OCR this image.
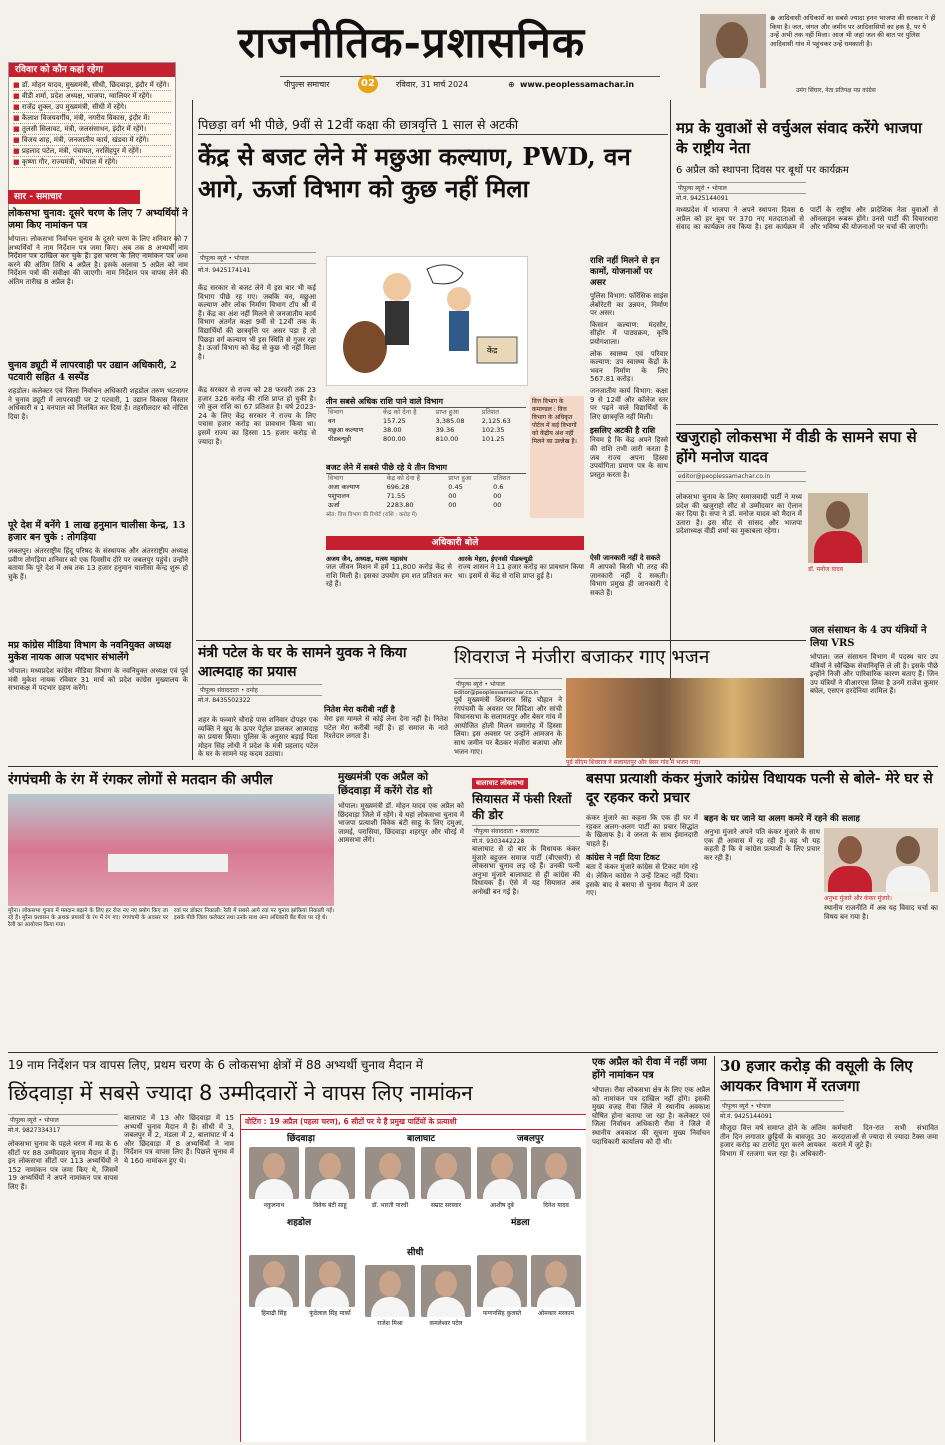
राजनीतिक-प्रशासनिक
पीपुल्स समाचार	02	रविवार, 31 मार्च 2024	⊕ www.peoplessamachar.in
⊗ आदिवासी अधिकारों का सबसे ज्यादा हनन भाजपा की सरकार ने ही किया है। जल, जंगल और जमीन पर आदिवासियों का हक है, पर ये उन्हें अभी तक नहीं मिला। आज भी जहां जल की बात पर पुलिस आदिवासी गांव में पहुंचकर उन्हें धमकाती है।
उमंग सिंघार, नेता प्रतिपक्ष मप्र कांग्रेस
रविवार को कौन कहां रहेगा
■ डॉ. मोहन यादव, मुख्यमंत्री, सीधी, छिंदवाड़ा, इंदौर में रहेंगे।
■ वीडी शर्मा, प्रदेश अध्यक्ष, भाजपा, ग्वालियर में रहेंगे।
■ राजेंद्र शुक्ल, उप मुख्यमंत्री, सीधी में रहेंगे।
■ कैलाश विजयवर्गीय, मंत्री, नगरीय विकास, इंदौर में।
■ तुलसी सिलावट, मंत्री, जलसंसाधन, इंदौर में रहेंगे।
■ विजय शाह, मंत्री, जनजातीय कार्य, खंडवा में रहेंगे।
■ प्रहलाद पटेल, मंत्री, पंचायत, नरसिंहपुर में रहेंगे।
■ कृष्णा गौर, राज्यमंत्री, भोपाल में रहेंगे।
सार - समाचार
लोकसभा चुनाव: दूसरे चरण के लिए 7 अभ्यर्थियों ने जमा किए नामांकन पत्र
भोपाल। लोकसभा निर्वाचन चुनाव के दूसरे चरण के लिए शनिवार को 7 अभ्यर्थियों ने नाम निर्देशन पत्र जमा किए। अब तक 8 अभ्यर्थी नाम निर्देशन पत्र दाखिल कर चुके हैं। इस चरण के लिए नामांकन पत्र जमा करने की अंतिम तिथि 4 अप्रैल है। इसके अलावा 5 अप्रैल को नाम निर्देशन पत्रों की संवीक्षा की जाएगी। नाम निर्देशन पत्र वापस लेने की अंतिम तारीख 8 अप्रैल है।
चुनाव ड्यूटी में लापरवाही पर उद्यान अधिकारी, 2 पटवारी सहित 4 सस्पेंड
शहडोल। कलेक्टर एवं जिला निर्वाचन अधिकारी शहडोल तरुण भटनागर ने चुनाव ड्यूटी में लापरवाही पर 2 पटवारी, 1 उद्यान विकास विस्तार अधिकारी व 1 वनपाल को निलंबित कर दिया है। तहसीलदार को नोटिस दिया है।
पूरे देश में बनेंगे 1 लाख हनुमान चालीसा केन्द्र, 13 हजार बन चुके : तोगड़िया
जबलपुर। अंतरराष्ट्रीय हिंदू परिषद के संस्थापक और अंतरराष्ट्रीय अध्यक्ष प्रवीण तोगड़िया शनिवार को एक दिवसीय दौरे पर जबलपुर पहुंचे। उन्होंने बताया कि पूरे देश में अब तक 13 हजार हनुमान चालीसा केन्द्र शुरू हो चुके हैं।
मप्र कांग्रेस मीडिया विभाग के नवनियुक्त अध्यक्ष मुकेश नायक आज पदभार संभालेंगे
भोपाल। मध्यप्रदेश कांग्रेस मीडिया विभाग के नवनियुक्त अध्यक्ष एवं पूर्व मंत्री मुकेश नायक रविवार 31 मार्च को प्रदेश कांग्रेस मुख्यालय के सभाकक्ष में पदभार ग्रहण करेंगे।
पिछड़ा वर्ग भी पीछे, 9वीं से 12वीं कक्षा की छात्रवृत्ति 1 साल से अटकी
केंद्र से बजट लेने में मछुआ कल्याण, PWD, वन आगे, ऊर्जा विभाग को कुछ नहीं मिला
पीपुल्स ब्यूरो • भोपाल
मो.नं. 9425174141
केंद्र सरकार से बजट लेने में इस बार भी कई विभाग पीछे रह गए। जबकि वन, मछुआ कल्याण और लोक निर्माण विभाग टॉप श्री में हैं। केंद्र का अंश नहीं मिलने से जनजातीय कार्य विभाग अंतर्गत कक्षा 9वीं से 12वीं तक के विद्यार्थियों की छात्रवृत्ति पर असर पड़ा है तो पिछड़ा वर्ग कल्याण भी इस स्थिति से गुजर रहा है। ऊर्जा विभाग को केंद्र से कुछ भी नहीं मिला है।
केंद्र सरकार से राज्य को 28 फरवरी तक 23 हजार 326 करोड़ की राशि प्राप्त हो चुकी है। जो कुल राशि का 67 प्रतिशत है। वर्ष 2023-24 के लिए केंद्र सरकार ने राज्य के लिए पचास हजार करोड़ का प्रावधान किया था। इसमें राज्य का हिस्सा 15 हजार करोड़ से ज्यादा है।
केंद्र
तीन सबसे अधिक राशि पाने वाले विभाग
विभाग	केंद्र को देना है	प्राप्त हुआ	प्रतिशत
वन	157.25	3,385.08	2,125.63
मछुआ कल्याण	38.00	39.36	102.35
पीडब्ल्यूडी	800.00	810.00	101.25
बजट लेने में सबसे पीछे रहे ये तीन विभाग
विभाग	केंद्र को देना है	प्राप्त हुआ	प्रतिशत
अजा कल्याण	696.28	0.45	0.6
पशुपालन	71.55	00	00
ऊर्जा	2283.80	00	00
स्रोत: वित्त विभाग की रिपोर्ट (राशि : करोड़ में)
वित्त विभाग के कमाण्डल : वित्त विभाग के अधिकृत पोर्टल में कई विभागों को केंद्रीय अंश नहीं मिलने का उल्लेख है।
अधिकारी बोले
अजय जैन, अध्यक्ष, मत्स्य महासंघ
जल जीवन मिशन में हमें 11,800 करोड़ केंद्र से राशि मिली है। इसका उपयोग हम शत प्रतिशत कर रहे हैं।
आरके मेहरा, ईएनसी पीडब्ल्यूडी
राज्य शासन ने 11 हजार करोड़ का प्रावधान किया था। इसमें से केंद्र से राशि प्राप्त हुई है।
ऐसी जानकारी नहीं दे सकते
मैं आपको किसी भी तरह की जानकारी नहीं दे सकती। विभाग प्रमुख ही जानकारी दे सकते हैं।
राशि नहीं मिलने से इन कामों, योजनाओं पर असर
पुलिस विभाग: फॉरेंसिक साइंस लेबोरेटरी का उन्नयन, निर्माण पर असर।
किसान कल्याण: मंदसौर, सीहोर में पाठ्यक्रम, कृषि प्रयोगशाला।
लोक स्वास्थ्य एवं परिवार कल्याण: उप स्वास्थ्य केंद्रों के भवन निर्माण के लिए 567.81 करोड़।
जनजातीय कार्य विभाग: कक्षा 9 से 12वीं और कॉलेज स्तर पर पढ़ने वाले विद्यार्थियों के लिए छात्रवृत्ति नहीं मिली।
इसलिए अटकी है राशि
नियम है कि केंद्र अपने हिस्से की राशि तभी जारी करता है जब राज्य अपना हिस्सा उपयोगिता प्रमाण पत्र के साथ प्रस्तुत करता है।
मप्र के युवाओं से वर्चुअल संवाद करेंगे भाजपा के राष्ट्रीय नेता
6 अप्रैल को स्थापना दिवस पर बूथों पर कार्यक्रम
पीपुल्स ब्यूरो • भोपाल
मो.नं. 9425144091
मध्यप्रदेश में भाजपा ने अपने स्थापना दिवस 6 अप्रैल को हर बूथ पर 370 नए मतदाताओं से संवाद का कार्यक्रम तय किया है। इस कार्यक्रम में पार्टी के राष्ट्रीय और प्रादेशिक नेता युवाओं से ऑनलाइन रूबरू होंगे। उनसे पार्टी की विचारधारा और भविष्य की योजनाओं पर चर्चा की जाएगी।
खजुराहो लोकसभा में वीडी के सामने सपा से होंगे मनोज यादव
editor@peoplessamachar.co.in
लोकसभा चुनाव के लिए समाजवादी पार्टी ने मध्य प्रदेश की खजुराहो सीट से उम्मीदवार का ऐलान कर दिया है। सपा ने डॉ. मनोज यादव को मैदान में उतारा है। इस सीट से सांसद और भाजपा प्रदेशाध्यक्ष वीडी शर्मा का मुकाबला रहेगा।
डॉ. मनोज यादव
जल संसाधन के 4 उप यंत्रियों ने लिया VRS
भोपाल। जल संसाधन विभाग में पदस्थ चार उप यंत्रियों ने स्वैच्छिक सेवानिवृत्ति ले ली है। इसके पीछे इन्होंने निजी और पारिवारिक कारण बताए हैं। जिन उप यंत्रियों ने वीआरएस लिया है उनमें राजेश कुमार बघेल, एसएन हरदेनिया शामिल हैं।
मंत्री पटेल के घर के सामने युवक ने किया आत्मदाह का प्रयास
पीपुल्स संवाददाता • दमोह
मो.नं. 8435502322
शहर के फव्वारे चौराहे पास शनिवार दोपहर एक व्यक्ति ने खुद के ऊपर पेट्रोल डालकर आत्मदाह का प्रयास किया। पुलिस के अनुसार बड़ाई पिता मोहन सिंह लोधी ने प्रदेश के मंत्री प्रहलाद पटेल के घर के सामने यह कदम उठाया।
नितेश मेरा करीबी नहीं है
मेरा इस मामले से कोई लेना देना नहीं है। नितेश पटेल मेरा करीबी नहीं है। हां समाज के नाते रिश्तेदार लगता है।
शिवराज ने मंजीरा बजाकर गाए भजन
पीपुल्स ब्यूरो • भोपाल
editor@peoplessamachar.co.in
पूर्व मुख्यमंत्री शिवराज सिंह चौहान ने रंगपंचमी के अवसर पर विदिशा और सांची विधानसभा के सलामतपुर और बेसर गांव में आयोजित होली मिलन समारोह में हिस्सा लिया। इस अवसर पर उन्होंने आमजन के साथ जमीन पर बैठकर मंजीरा बजाया और भजन गाए।
पूर्व सीएम शिवराज ने सलामतपुर और बेसर गांव में भजन गाए।
रंगपंचमी के रंग में रंगकर लोगों से मतदान की अपील
मुरैना। लोकसभा चुनाव में मतदान बढ़ाने के लिए हर रोज नए नए प्रयोग किए जा रहे हैं। मुरैना प्रशासन के अथक प्रयासों के रंग में रंग गए। रंगपंचमी के अवसर पर रैली का आयोजन किया गया।
रवां पर डॉक्टर निकाली: रैली में सबसे आगे रवां पर चुनाव झांकियां निकाली गईं। इसके पीछे जिला कलेक्टर तथा उनके साथ अन्य अधिकारी बैंड बैंजा पर रहे थे।
मुख्यमंत्री एक अप्रैल को छिंदवाड़ा में करेंगे रोड शो
भोपाल। मुख्यमंत्री डॉ. मोहन यादव एक अप्रैल को छिंदवाड़ा जिले में रहेंगे। वे यहां लोकसभा चुनाव में भाजपा प्रत्याशी विवेक बंटी साहू के लिए दमुआ, जामई, परासिया, छिंदवाड़ा शहरपुर और चौरई में आमसभा लेंगे।
बालाघाट लोकसभा
सियासत में फंसी रिश्तों की डोर
पीपुल्स संवाददाता • बालाघाट
मो.नं. 9303442228
बालाघाट से दो बार के विधायक कंकर मुंजारे बहुजन समाज पार्टी (बीएसपी) से लोकसभा चुनाव लड़ रहे हैं। उनकी पत्नी अनुभा मुंजारे बालाघाट से ही कांग्रेस की विधायक हैं। ऐसे में यह सियासत अब अनोखी बन गई है।
बसपा प्रत्याशी कंकर मुंजारे कांग्रेस विधायक पत्नी से बोले- मेरे घर से दूर रहकर करो प्रचार
कंकर मुंजारे का कहना कि एक ही घर में रहकर अलग-अलग पार्टी का प्रचार सिद्धांत के खिलाफ है। वे जनता के साथ ईमानदारी चाहते हैं।
कांग्रेस ने नहीं दिया टिकट
बता दें कंकर मुंजारे कांग्रेस से टिकट मांग रहे थे। लेकिन कांग्रेस ने उन्हें टिकट नहीं दिया। इसके बाद वे बसपा से चुनाव मैदान में उतर गए।
बहन के घर जाने या अलग कमरे में रहने की सलाह
अनुभा मुंजारे अपने पति कंकर मुंजारे के साथ एक ही आवास में रह रही हैं। वह भी यह कहती हैं कि वे कांग्रेस प्रत्याशी के लिए प्रचार कर रही हैं।
अनुभा मुंजारे और कंकर मुंजारे।
स्थानीय राजनीति में अब यह विवाद चर्चा का विषय बन गया है।
19 नाम निर्देशन पत्र वापस लिए, प्रथम चरण के 6 लोकसभा क्षेत्रों में 88 अभ्यर्थी चुनाव मैदान में
छिंदवाड़ा में सबसे ज्यादा 8 उम्मीदवारों ने वापस लिए नामांकन
पीपुल्स ब्यूरो • भोपाल
मो.नं. 9827334317
लोकसभा चुनाव के पहले चरण में मप्र के 6 सीटों पर 88 उम्मीदवार चुनाव मैदान में हैं। इन लोकसभा सीटों पर 113 अभ्यर्थियों ने 152 नामांकन पत्र जमा किए थे, जिसमें 19 अभ्यर्थियों ने अपने नामांकन पत्र वापस लिए हैं।
बालाघाट में 13 और छिंदवाड़ा में 15 अभ्यर्थी चुनाव मैदान में हैं। सीधी में 3, जबलपुर में 2, मंडला में 2, बालाघाट में 4 और छिंदवाड़ा में 8 अभ्यर्थियों ने नाम निर्देशन पत्र वापस लिए हैं। पिछले चुनाव में ये 160 नामांकन हुए थे।
वोटिंग : 19 अप्रैल (पहला चरण), 6 सीटों पर ये हैं प्रमुख पार्टियों के प्रत्याशी
छिंदवाड़ा	बालाघाट	जबलपुर
नकुलनाथ	विवेक बंटी साहू	डॉ. भारती पारधी	सम्राट सरस्वार	आशीष दुबे	दिनेश यादव
शहडोल
सीधी
मंडला
हिमाद्री सिंह	फुंदेलाल सिंह मार्को
राजेश मिश्रा	कमलेश्वर पटेल
फग्गनसिंह कुलस्ते	ओमकार मरकाम
एक अप्रैल को रीवा में नहीं जमा होंगे नामांकन पत्र
भोपाल। रीवा लोकसभा क्षेत्र के लिए एक अप्रैल को नामांकन पत्र दाखिल नहीं होंगे। इसकी मुख्य वजह रीवा जिले में स्थानीय अवकाश घोषित होना बताया जा रहा है। कलेक्टर एवं जिला निर्वाचन अधिकारी रीवा ने जिले में स्थानीय अवकाश की सूचना मुख्य निर्वाचन पदाधिकारी कार्यालय को दी थी।
30 हजार करोड़ की वसूली के लिए आयकर विभाग में रतजगा
पीपुल्स ब्यूरो • भोपाल
मो.नं. 9425144091
मौजूदा वित्त वर्ष समाप्त होने के अंतिम तीन दिन लगातार छुट्टियों के बावजूद 30 हजार करोड़ का टारगेट पूरा करने आयकर विभाग में रतजगा चल रहा है। अधिकारी-कर्मचारी दिन-रात सभी संभावित करदाताओं से ज्यादा से ज्यादा टैक्स जमा कराने में जुटे हैं।
